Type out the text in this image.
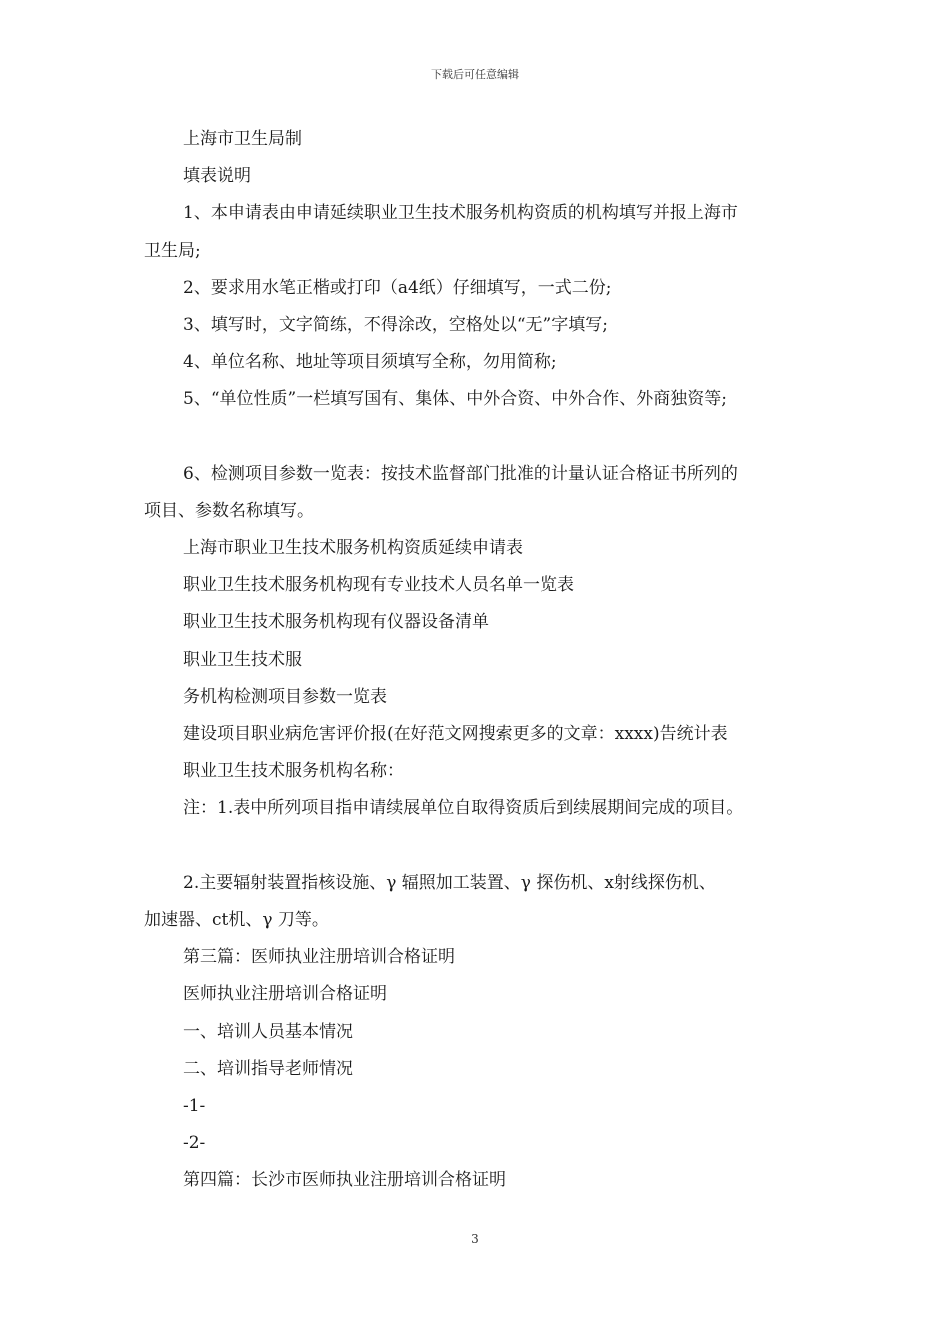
下载后可任意编辑
上海市卫生局制
填表说明
1、本申请表由申请延续职业卫生技术服务机构资质的机构填写并报上海市
卫生局;
2、要求用水笔正楷或打印（a4纸）仔细填写，一式二份;
3、填写时，文字简练，不得涂改，空格处以“无”字填写;
4、单位名称、地址等项目须填写全称，勿用简称;
5、“单位性质”一栏填写国有、集体、中外合资、中外合作、外商独资等;
6、检测项目参数一览表：按技术监督部门批准的计量认证合格证书所列的
项目、参数名称填写。
上海市职业卫生技术服务机构资质延续申请表
职业卫生技术服务机构现有专业技术人员名单一览表
职业卫生技术服务机构现有仪器设备清单
职业卫生技术服
务机构检测项目参数一览表
建设项目职业病危害评价报(在好范文网搜索更多的文章：xxxx)告统计表
职业卫生技术服务机构名称：
注：1.表中所列项目指申请续展单位自取得资质后到续展期间完成的项目。
2.主要辐射装置指核设施、γ 辐照加工装置、γ 探伤机、x射线探伤机、
加速器、ct机、γ 刀等。
第三篇：医师执业注册培训合格证明
医师执业注册培训合格证明
一、培训人员基本情况
二、培训指导老师情况
-1-
-2-
第四篇：长沙市医师执业注册培训合格证明
3
